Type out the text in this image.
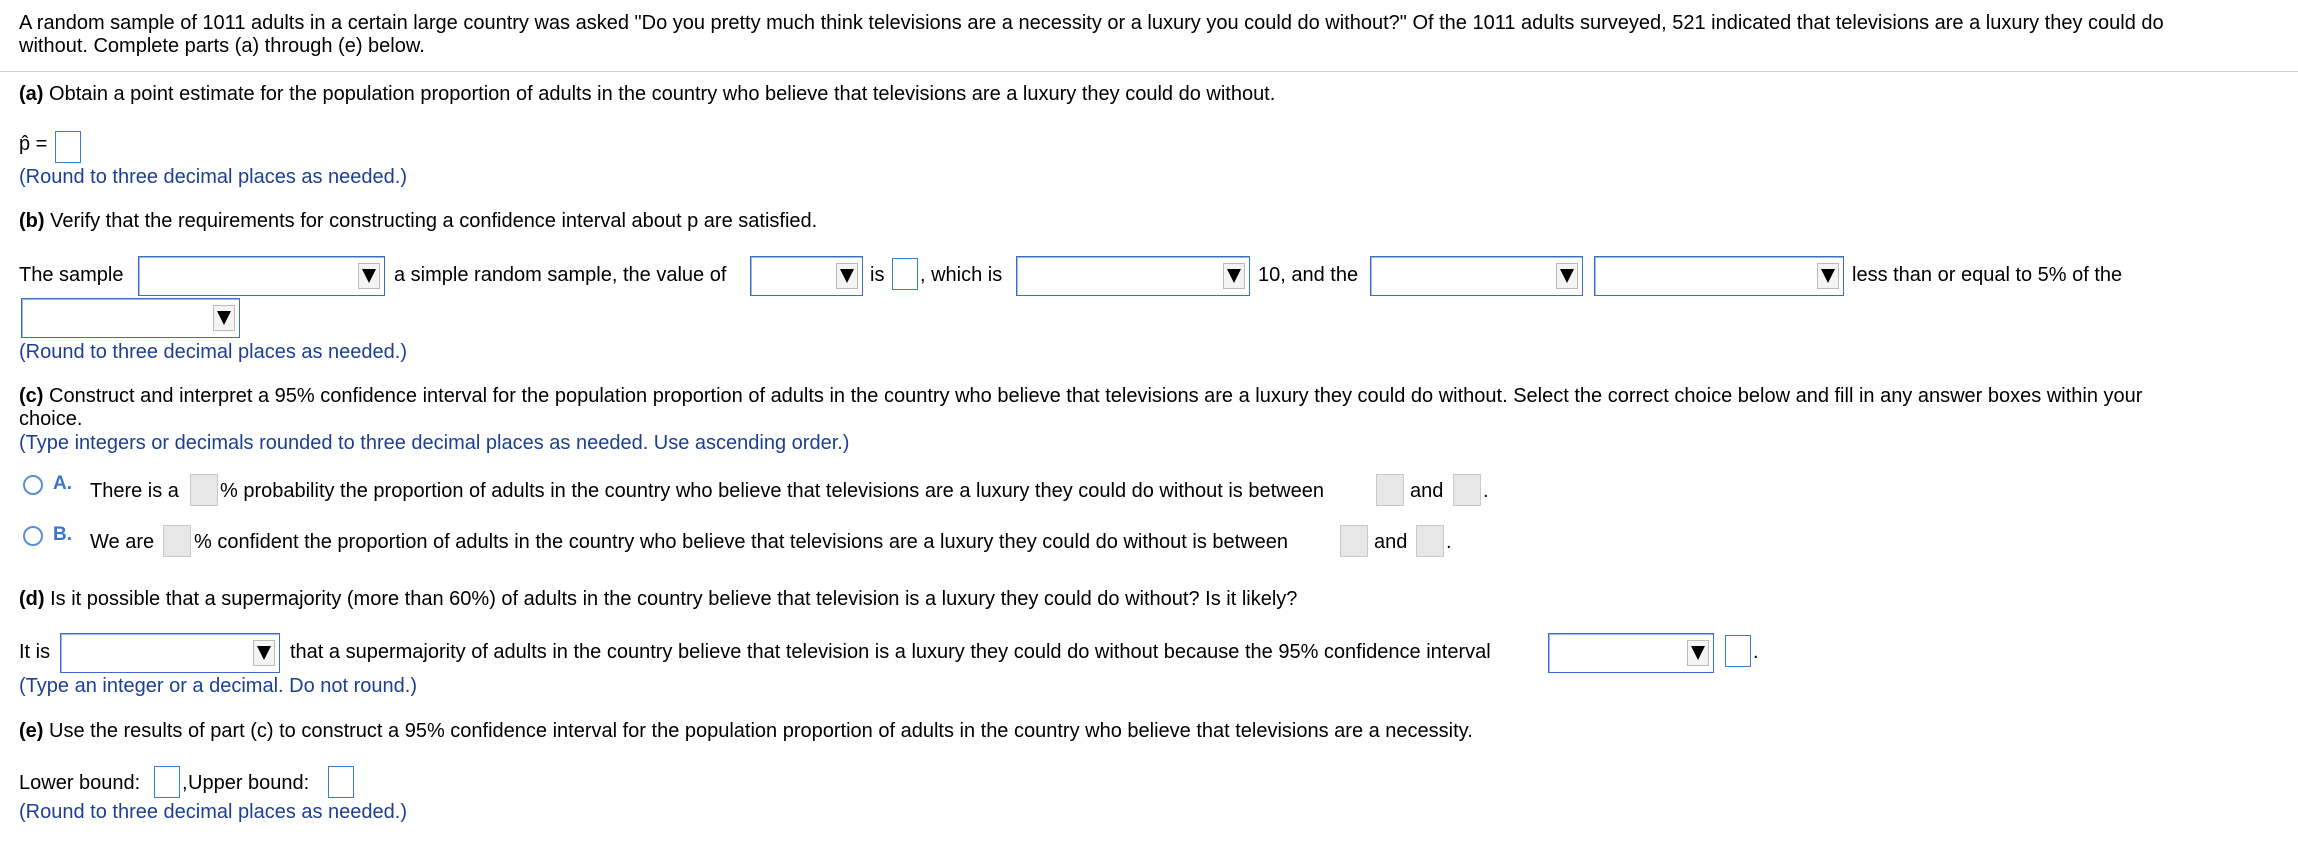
A random sample of 1011 adults in a certain large country was asked "Do you pretty much think televisions are a necessity or a luxury you could do without?" Of the 1011 adults surveyed, 521 indicated that televisions are a luxury they could do
without. Complete parts (a) through (e) below.
(a) Obtain a point estimate for the population proportion of adults in the country who believe that televisions are a luxury they could do without.
p̂ =
(Round to three decimal places as needed.)
(b) Verify that the requirements for constructing a confidence interval about p are satisfied.
The sample	a simple random sample, the value of	is , which is	10, and the	less than or equal to 5% of the
(Round to three decimal places as needed.)
(c) Construct and interpret a 95% confidence interval for the population proportion of adults in the country who believe that televisions are a luxury they could do without. Select the correct choice below and fill in any answer boxes within your
choice.
(Type integers or decimals rounded to three decimal places as needed. Use ascending order.)
A. There is a % probability the proportion of adults in the country who believe that televisions are a luxury they could do without is between	and .
B. We are % confident the proportion of adults in the country who believe that televisions are a luxury they could do without is between	and .
(d) Is it possible that a supermajority (more than 60%) of adults in the country believe that television is a luxury they could do without? Is it likely?
It is	that a supermajority of adults in the country believe that television is a luxury they could do without because the 95% confidence interval	.
(Type an integer or a decimal. Do not round.)
(e) Use the results of part (c) to construct a 95% confidence interval for the population proportion of adults in the country who believe that televisions are a necessity.
Lower bound: , Upper bound:
(Round to three decimal places as needed.)
